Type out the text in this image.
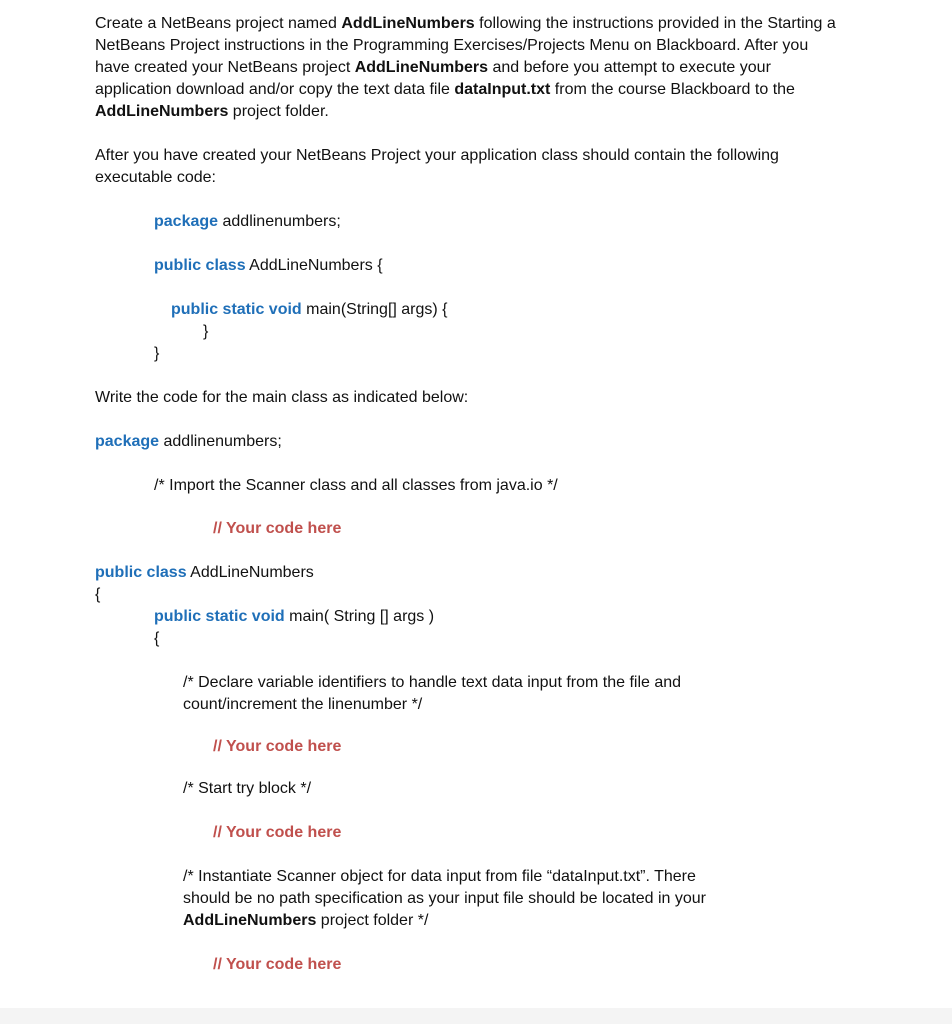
Create a NetBeans project named AddLineNumbers following the instructions provided in the Starting a
NetBeans Project instructions in the Programming Exercises/Projects Menu on Blackboard. After you
have created your NetBeans project AddLineNumbers and before you attempt to execute your
application download and/or copy the text data file dataInput.txt from the course Blackboard to the
AddLineNumbers project folder.
After you have created your NetBeans Project your application class should contain the following
executable code:
package addlinenumbers;
public class AddLineNumbers {
public static void main(String[] args) {
}
}
Write the code for the main class as indicated below:
package addlinenumbers;
/* Import the Scanner class and all classes from java.io */
// Your code here
public class AddLineNumbers
{
public static void main( String [] args )
{
/* Declare variable identifiers to handle text data input from the file and
count/increment the linenumber */
// Your code here
/* Start try block */
// Your code here
/* Instantiate Scanner object for data input from file “dataInput.txt”. There
should be no path specification as your input file should be located in your
AddLineNumbers project folder */
// Your code here
